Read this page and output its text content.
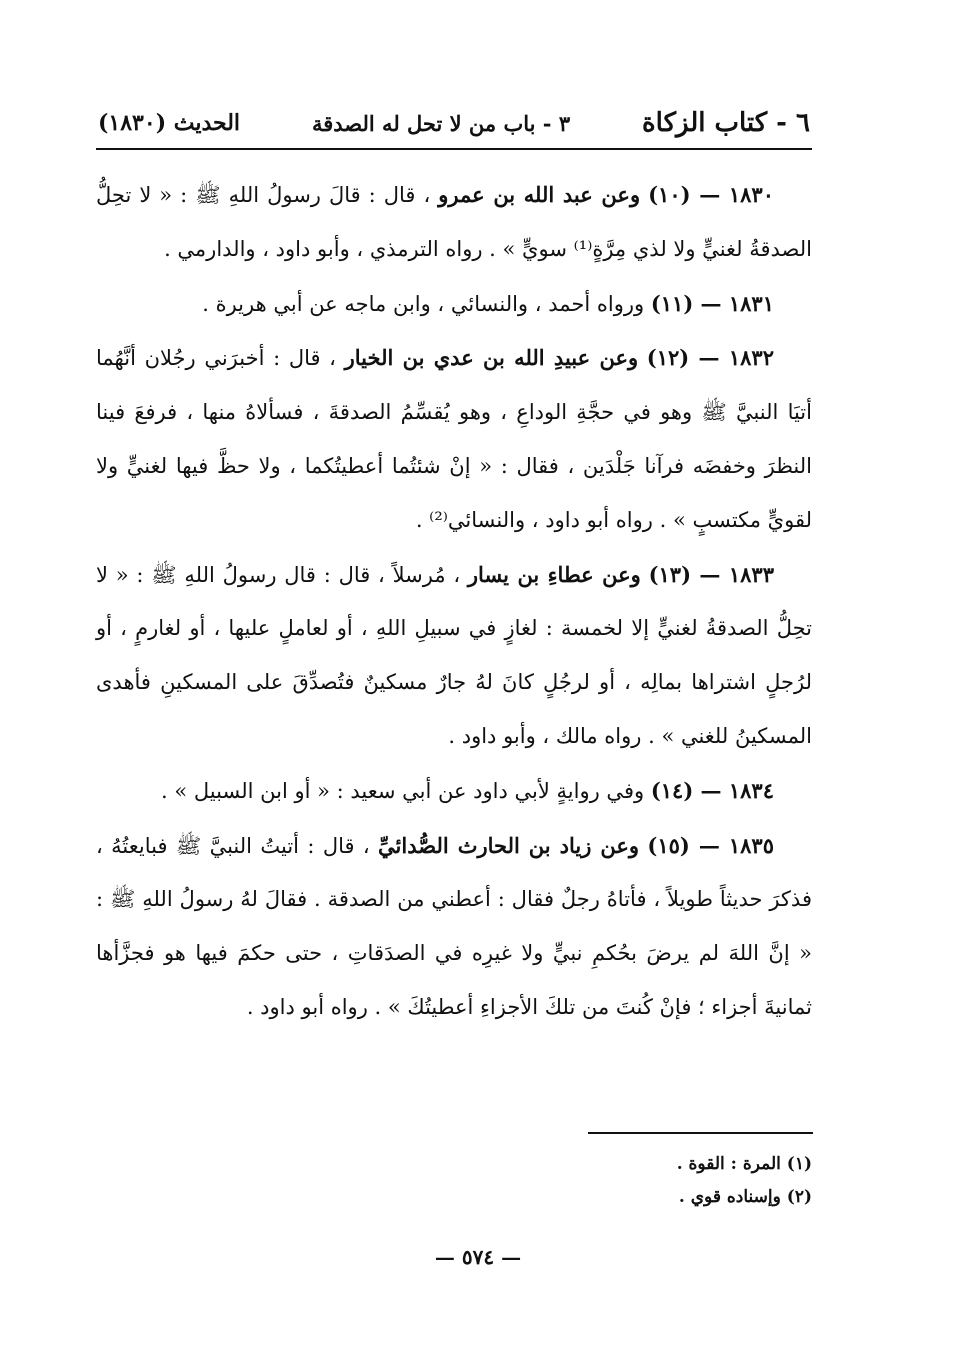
٦ - كتاب الزكاة
٣ - باب من لا تحل له الصدقة
الحديث (١٨٣٠)

١٨٣٠ — (١٠) وعن عبد الله بن عمرو ، قال : قالَ رسولُ اللهِ ﷺ : « لا تحِلُّ الصدقةُ لغنيٍّ ولا لذي مِرَّةٍ⁽¹⁾ سويٍّ » . رواه الترمذي ، وأبو داود ، والدارمي .

١٨٣١ — (١١) ورواه أحمد ، والنسائي ، وابن ماجه عن أبي هريرة .

١٨٣٢ — (١٢) وعن عبيدِ الله بن عدي بن الخيار ، قال : أخبرَني رجُلان أنَّهُما أتيَا النبيَّ ﷺ وهو في حجَّةِ الوداعِ ، وهو يُقسِّمُ الصدقةَ ، فسألاهُ منها ، فرفعَ فينا النظرَ وخفضَه فرآنا جَلْدَين ، فقال : « إنْ شئتُما أعطيتُكما ، ولا حظَّ فيها لغنيٍّ ولا لقويٍّ مكتسبٍ » . رواه أبو داود ، والنسائي⁽²⁾ .

١٨٣٣ — (١٣) وعن عطاءِ بن يسار ، مُرسلاً ، قال : قال رسولُ اللهِ ﷺ : « لا تحِلُّ الصدقةُ لغنيٍّ إلا لخمسة : لغازٍ في سبيلِ اللهِ ، أو لعاملٍ عليها ، أو لغارمٍ ، أو لرُجلٍ اشتراها بمالِه ، أو لرجُلٍ كانَ لهُ جارٌ مسكينٌ فتُصدِّقَ على المسكينِ فأهدى المسكينُ للغني » . رواه مالك ، وأبو داود .

١٨٣٤ — (١٤) وفي روايةٍ لأبي داود عن أبي سعيد : « أو ابن السبيل » .

١٨٣٥ — (١٥) وعن زياد بن الحارث الصُّدائيِّ ، قال : أتيتُ النبيَّ ﷺ فبايعتُهُ ، فذكرَ حديثاً طويلاً ، فأتاهُ رجلٌ فقال : أعطني من الصدقة . فقالَ لهُ رسولُ اللهِ ﷺ : « إنَّ اللهَ لم يرضَ بحُكمِ نبيٍّ ولا غيرِه في الصدَقاتِ ، حتى حكمَ فيها هو فجزَّأها ثمانيةَ أجزاء ؛ فإنْ كُنتَ من تلكَ الأجزاءِ أعطيتُكَ » . رواه أبو داود .

(١) المرة : القوة .
(٢) وإسناده قوي .
— ٥٧٤ —
